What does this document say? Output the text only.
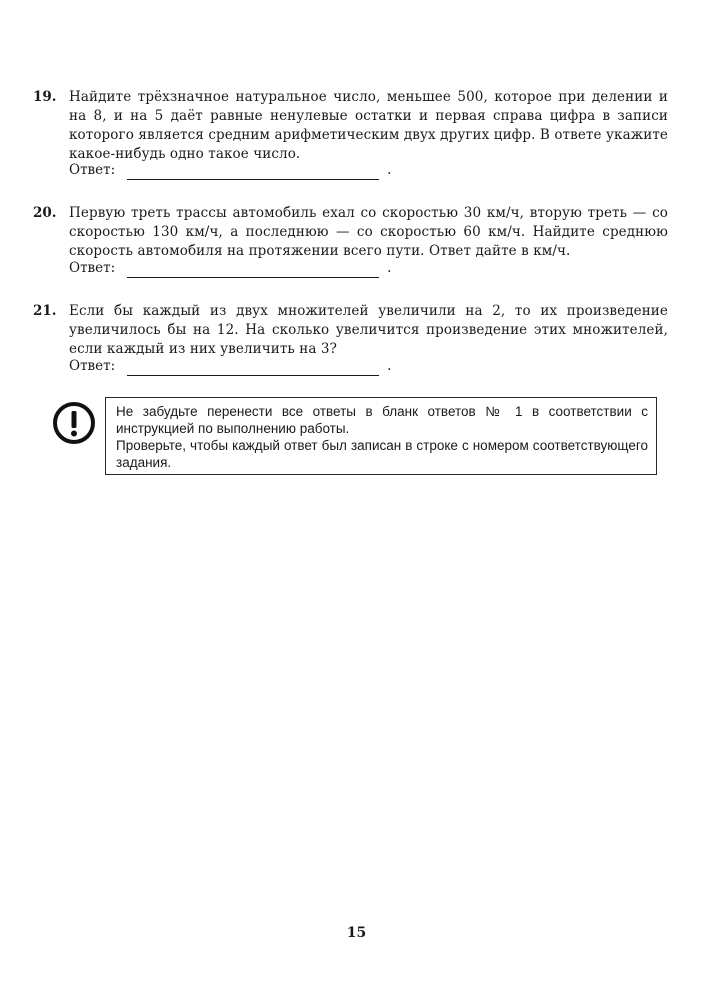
19. Найдите трёхзначное натуральное число, меньшее 500, которое при делении и на 8, и на 5 даёт равные ненулевые остатки и первая справа цифра в записи которого является средним арифметическим двух других цифр. В ответе укажите какое-нибудь одно такое число.
Ответ:	.
20. Первую треть трассы автомобиль ехал со скоростью 30 км/ч, вторую треть — со скоростью 130 км/ч, а последнюю — со скоростью 60 км/ч. Найдите среднюю скорость автомобиля на протяжении всего пути. Ответ дайте в км/ч.
Ответ:	.
21. Если бы каждый из двух множителей увеличили на 2, то их произведение увеличилось бы на 12. На сколько увеличится произведение этих множителей, если каждый из них увеличить на 3?
Ответ:	.

Не забудьте перенести все ответы в бланк ответов № 1 в соответствии с инструкцией по выполнению работы.

Проверьте, чтобы каждый ответ был записан в строке с номером соответствующего задания.

15
